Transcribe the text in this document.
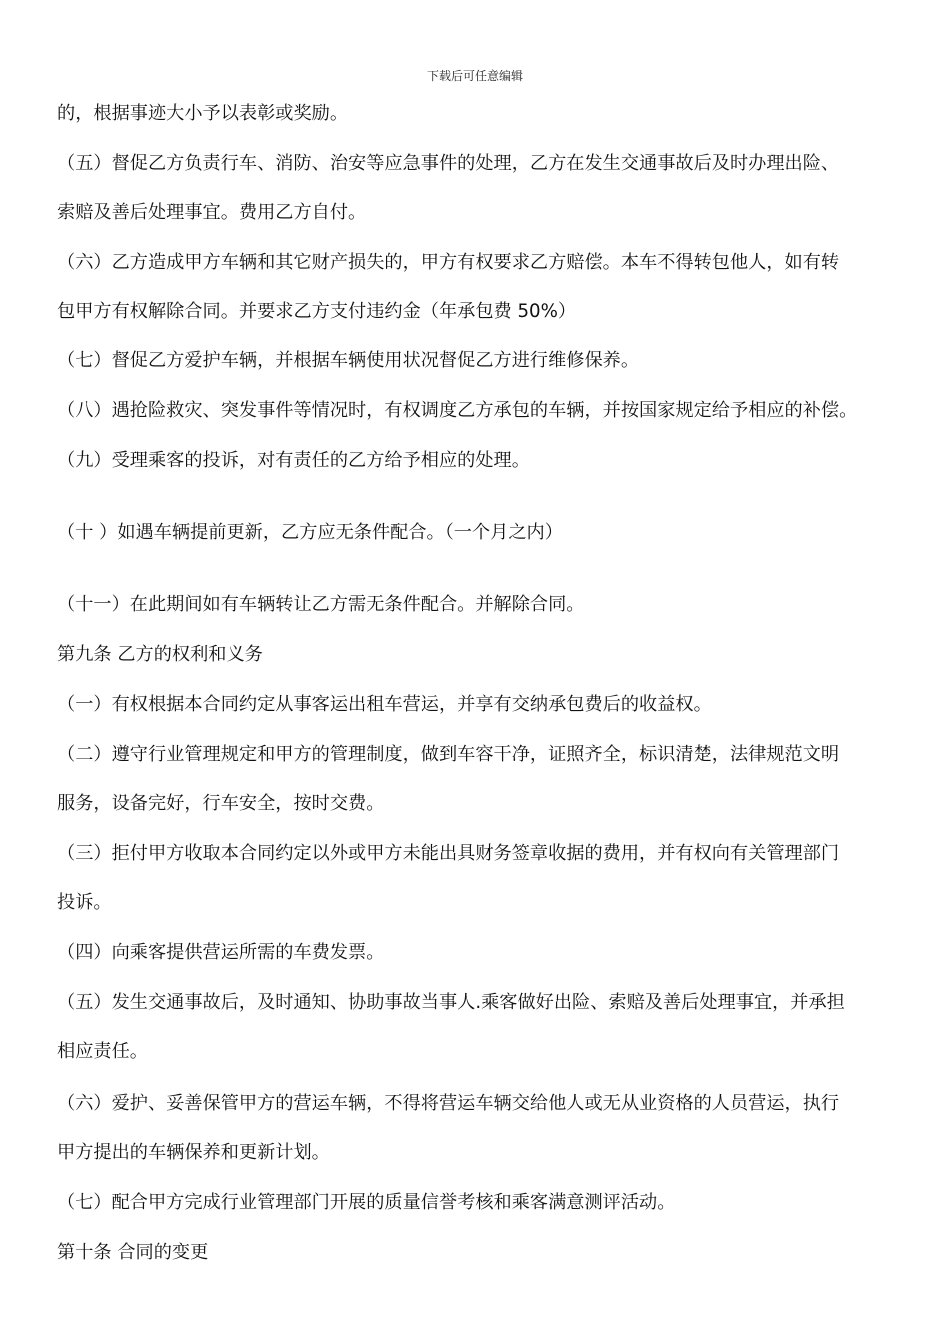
下载后可任意编辑
的，根据事迹大小予以表彰或奖励。
（五）督促乙方负责行车、消防、治安等应急事件的处理，乙方在发生交通事故后及时办理出险、
索赔及善后处理事宜。费用乙方自付。
（六）乙方造成甲方车辆和其它财产损失的，甲方有权要求乙方赔偿。本车不得转包他人，如有转
包甲方有权解除合同。并要求乙方支付违约金（年承包费 50%）
（七）督促乙方爱护车辆，并根据车辆使用状况督促乙方进行维修保养。
（八）遇抢险救灾、突发事件等情况时，有权调度乙方承包的车辆，并按国家规定给予相应的补偿。
（九）受理乘客的投诉，对有责任的乙方给予相应的处理。
（十 ）如遇车辆提前更新，乙方应无条件配合。（一个月之内）
（十一）在此期间如有车辆转让乙方需无条件配合。并解除合同。
第九条 乙方的权利和义务
（一）有权根据本合同约定从事客运出租车营运，并享有交纳承包费后的收益权。
（二）遵守行业管理规定和甲方的管理制度，做到车容干净，证照齐全，标识清楚，法律规范文明
服务，设备完好，行车安全，按时交费。
（三）拒付甲方收取本合同约定以外或甲方未能出具财务签章收据的费用，并有权向有关管理部门
投诉。
（四）向乘客提供营运所需的车费发票。
（五）发生交通事故后，及时通知、协助事故当事人.乘客做好出险、索赔及善后处理事宜，并承担
相应责任。
（六）爱护、妥善保管甲方的营运车辆，不得将营运车辆交给他人或无从业资格的人员营运，执行
甲方提出的车辆保养和更新计划。
（七）配合甲方完成行业管理部门开展的质量信誉考核和乘客满意测评活动。
第十条 合同的变更
